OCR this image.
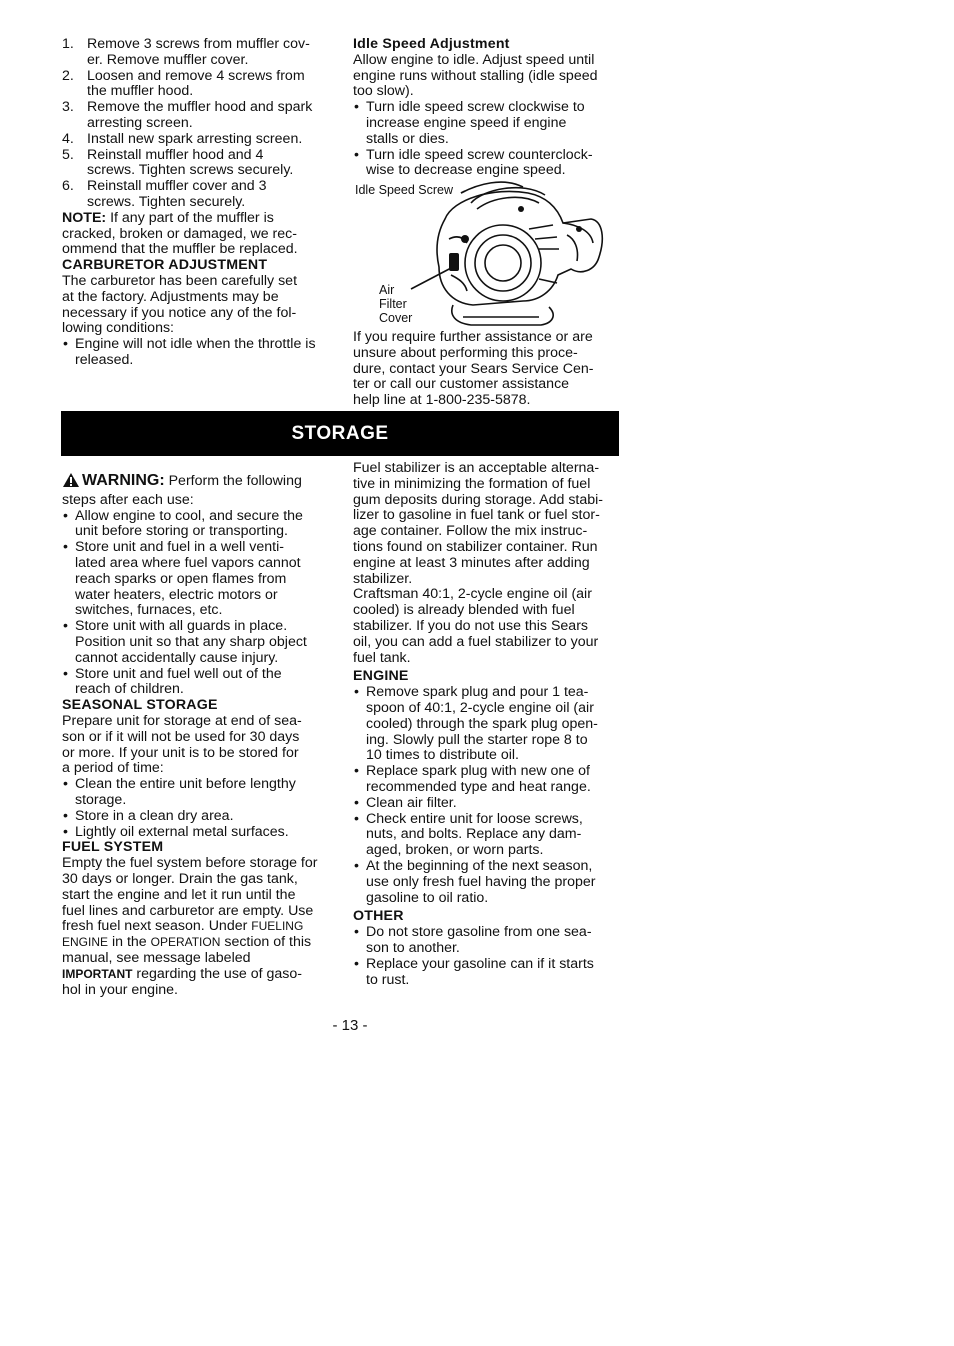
1. Remove 3 screws from muffler cov-
er. Remove muffler cover.
2. Loosen and remove 4 screws from
the muffler hood.
3. Remove the muffler hood and spark
arresting screen.
4. Install new spark arresting screen.
5. Reinstall muffler hood and 4
screws. Tighten screws securely.
6. Reinstall muffler cover and 3
screws. Tighten securely.

NOTE: If any part of the muffler is
cracked, broken or damaged, we rec-
ommend that the muffler be replaced.

CARBURETOR ADJUSTMENT

The carburetor has been carefully set
at the factory. Adjustments may be
necessary if you notice any of the fol-
lowing conditions:

• Engine will not idle when the throttle is
released.

Idle Speed Adjustment

Allow engine to idle. Adjust speed until
engine runs without stalling (idle speed
too slow).

• Turn idle speed screw clockwise to
increase engine speed if engine
stalls or dies.
• Turn idle speed screw counterclock-
wise to decrease engine speed.
Idle Speed Screw
Air
Filter
Cover

If you require further assistance or are
unsure about performing this proce-
dure, contact your Sears Service Cen-
ter or call our customer assistance
help line at 1-800-235-5878.

STORAGE

WARNING: Perform the following
steps after each use:

• Allow engine to cool, and secure the
unit before storing or transporting.
• Store unit and fuel in a well venti-
lated area where fuel vapors cannot
reach sparks or open flames from
water heaters, electric motors or
switches, furnaces, etc.
• Store unit with all guards in place.
Position unit so that any sharp object
cannot accidentally cause injury.
• Store unit and fuel well out of the
reach of children.

SEASONAL STORAGE

Prepare unit for storage at end of sea-
son or if it will not be used for 30 days
or more. If your unit is to be stored for
a period of time:

• Clean the entire unit before lengthy
storage.
• Store in a clean dry area.
• Lightly oil external metal surfaces.

FUEL SYSTEM

Empty the fuel system before storage for
30 days or longer. Drain the gas tank,
start the engine and let it run until the
fuel lines and carburetor are empty. Use
fresh fuel next season. Under FUELING
ENGINE in the OPERATION section of this
manual, see message labeled
IMPORTANT regarding the use of gaso-
hol in your engine.

Fuel stabilizer is an acceptable alterna-
tive in minimizing the formation of fuel
gum deposits during storage. Add stabi-
lizer to gasoline in fuel tank or fuel stor-
age container. Follow the mix instruc-
tions found on stabilizer container. Run
engine at least 3 minutes after adding
stabilizer.

Craftsman 40:1, 2-cycle engine oil (air
cooled) is already blended with fuel
stabilizer. If you do not use this Sears
oil, you can add a fuel stabilizer to your
fuel tank.

ENGINE

• Remove spark plug and pour 1 tea-
spoon of 40:1, 2-cycle engine oil (air
cooled) through the spark plug open-
ing. Slowly pull the starter rope 8 to
10 times to distribute oil.
• Replace spark plug with new one of
recommended type and heat range.
• Clean air filter.
• Check entire unit for loose screws,
nuts, and bolts. Replace any dam-
aged, broken, or worn parts.
• At the beginning of the next season,
use only fresh fuel having the proper
gasoline to oil ratio.

OTHER

• Do not store gasoline from one sea-
son to another.
• Replace your gasoline can if it starts
to rust.
- 13 -
